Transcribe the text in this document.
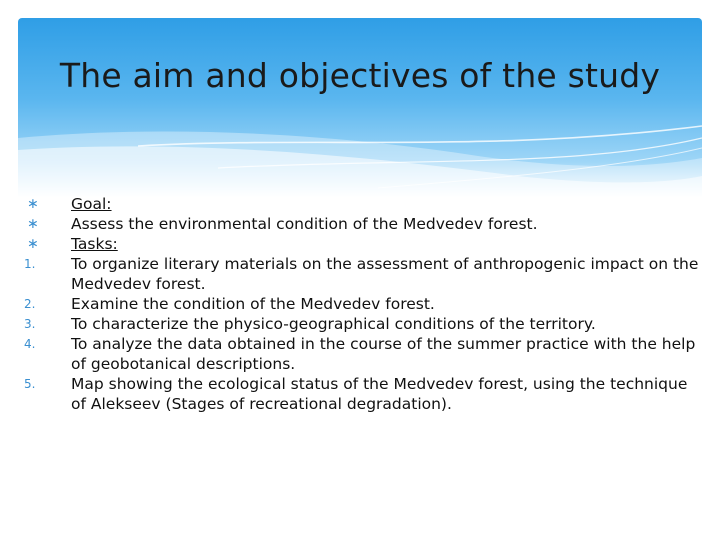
The aim and objectives of the study
∗	Goal:
∗	Assess the environmental condition of the Medvedev forest.
∗	Tasks:
1.	To organize literary materials on the assessment of anthropogenic impact on the Medvedev forest.
2.	Examine the condition of the Medvedev forest.
3.	To characterize the physico-geographical conditions of the territory.
4.	To analyze the data obtained in the course of the summer practice with the help of geobotanical descriptions.
5.	Map showing the ecological status of the Medvedev forest, using the technique of Alekseev (Stages of recreational degradation).
